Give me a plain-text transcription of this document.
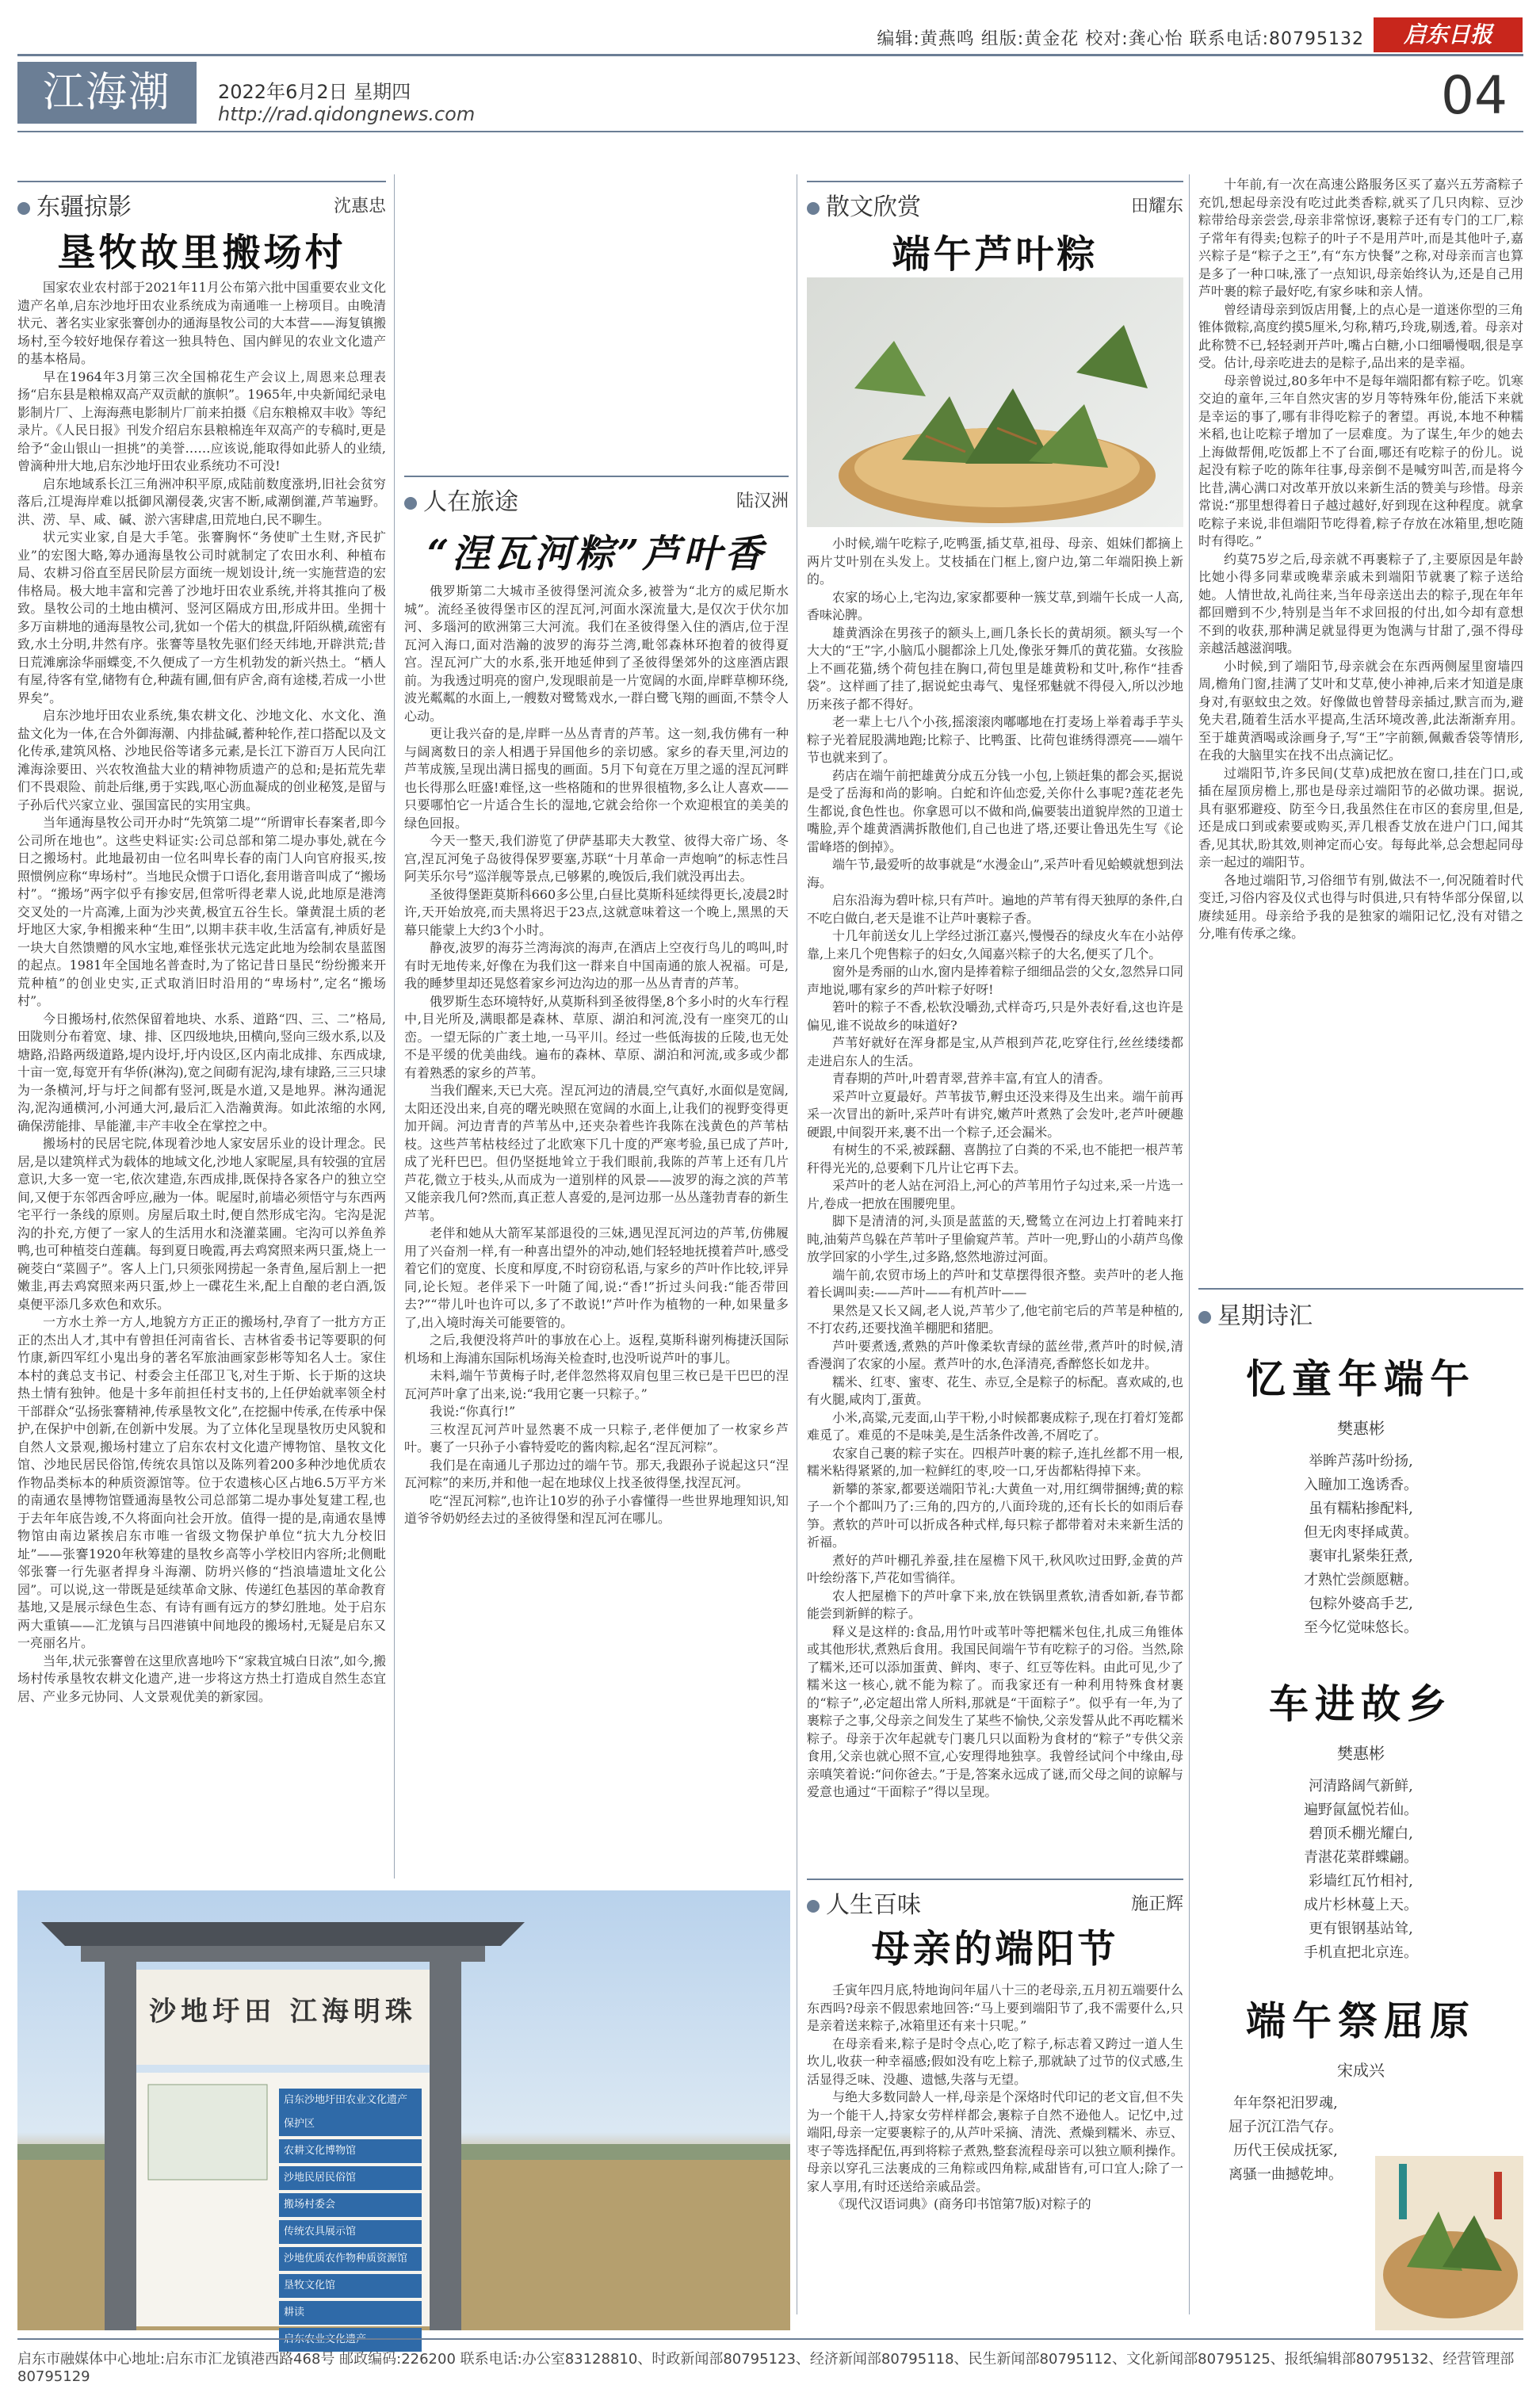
编辑:黄燕鸣 组版:黄金花 校对:龚心怡 联系电话:80795132	启东日报
江海潮	2022年6月2日 星期四
http://rad.qidongnews.com	04
东疆掠影	沈惠忠
垦牧故里搬场村

国家农业农村部于2021年11月公布第六批中国重要农业文化遗产名单,启东沙地圩田农业系统成为南通唯一上榜项目。由晚清状元、著名实业家张謇创办的通海垦牧公司的大本营——海复镇搬场村,至今较好地保存着这一独具特色、国内鲜见的农业文化遗产的基本格局。

早在1964年3月第三次全国棉花生产会议上,周恩来总理表扬“启东县是粮棉双高产双贡献的旗帜”。1965年,中央新闻纪录电影制片厂、上海海燕电影制片厂前来拍摄《启东粮棉双丰收》等纪录片。《人民日报》刊发介绍启东县粮棉连年双高产的专稿时,更是给予“金山银山一担挑”的美誉……应该说,能取得如此骄人的业绩,曾滴种卅大地,启东沙地圩田农业系统功不可没!

启东地域系长江三角洲冲积平原,成陆前数度涨坍,旧社会贫穷落后,江堤海岸难以抵御风潮侵袭,灾害不断,咸潮倒灌,芦苇遍野。洪、涝、旱、咸、碱、淤六害肆虐,田荒地白,民不聊生。

状元实业家,自是大手笔。张謇胸怀“务使旷土生财,齐民扩业”的宏图大略,筹办通海垦牧公司时就制定了农田水利、种植布局、农耕习俗直至居民阶层方面统一规划设计,统一实施营造的宏伟格局。极大地丰富和完善了沙地圩田农业系统,并将其推向了极致。垦牧公司的土地由横河、竖河区隔成方田,形成井田。坐拥十多万亩耕地的通海垦牧公司,犹如一个偌大的棋盘,阡陌纵横,疏密有致,水土分明,井然有序。张謇等垦牧先驱们经天纬地,开辟洪荒;昔日荒滩廓涂华丽蝶变,不久便成了一方生机勃发的新兴热土。“栖人有屋,待客有堂,储物有仓,种蔬有圃,佃有庐舍,商有途楼,若成一小世界矣”。

启东沙地圩田农业系统,集农耕文化、沙地文化、水文化、渔盐文化为一体,在合外御海潮、内排盐碱,蓄种轮作,茬口搭配以及文化传承,建筑风格、沙地民俗等诸多元素,是长江下游百万人民向江滩海涂要田、兴农牧渔盐大业的精神物质遗产的总和;是拓荒先辈们不畏艰险、前赴后继,勇于实践,呕心沥血凝成的创业秘笈,是留与子孙后代兴家立业、强国富民的实用宝典。

当年通海垦牧公司开办时“先筑第二堤”“所谓审长春案者,即今公司所在地也”。这些史料证实:公司总部和第二堤办事处,就在今日之搬场村。此地最初由一位名叫卑长春的南门人向官府报买,按照惯例应称“卑场村”。当地民众惯于口语化,套用谐音叫成了“搬场村”。“搬场”两字似乎有掺安居,但常听得老辈人说,此地原是港湾交叉处的一片高滩,上面为沙夹黄,极宜五谷生长。肇黄混土质的老圩地区大家,争相搬来种“生田”,以期丰获丰收,生活富有,神质好是一块大自然馈赠的风水宝地,难怪张状元选定此地为绘制农垦蓝图的起点。1981年全国地名普查时,为了铭记昔日垦民“纷纷搬来开荒种植”的创业史实,正式取消旧时沿用的“卑场村”,定名“搬场村”。

今日搬场村,依然保留着地块、水系、道路“四、三、二”格局,田陇则分布着宽、埭、排、区四级地块,田横向,竖向三级水系,以及塘路,沿路两级道路,堤内设圩,圩内设区,区内南北成排、东西成埭,十亩一宽,每宽开有华侨(淋沟),宽之间砌有泥沟,埭有埭路,三三只埭为一条横河,圩与圩之间都有竖河,既是水道,又是地界。淋沟通泥沟,泥沟通横河,小河通大河,最后汇入浩瀚黄海。如此浓缩的水网,确保涝能排、旱能灌,丰产丰收全在掌控之中。

搬场村的民居宅院,体现着沙地人家安居乐业的设计理念。民居,是以建筑样式为载体的地域文化,沙地人家昵屋,具有较强的宜居意识,大多一宽一宅,依次建造,东西成排,既保持各家各户的独立空间,又便于东邻西舍呼应,融为一体。昵屋时,前墙必须悟守与东西两宅平行一条线的原则。房屋后取土时,便自然形成宅沟。宅沟是泥沟的扑充,方便了一家人的生活用水和浇灌菜圃。宅沟可以养鱼养鸭,也可种植茭白莲藕。每到夏日晚霞,再去鸡窝照来两只蛋,烧上一碗茭白“菜圆子”。客人上门,只须张网捞起一条青鱼,屋后割上一把嫩韭,再去鸡窝照来两只蛋,炒上一碟花生米,配上自酿的老白酒,饭桌便平添几多欢色和欢乐。

一方水土养一方人,地貌方方正正的搬场村,孕育了一批方方正正的杰出人才,其中有曾担任河南省长、吉林省委书记等要职的何竹康,新四军红小鬼出身的著名军旅油画家彭彬等知名人士。家住本村的龚总支书记、村委会主任邵卫飞,对生于斯、长于斯的这块热土情有独钟。他是十多年前担任村支书的,上任伊始就率领全村干部群众“弘扬张謇精神,传承垦牧文化”,在挖掘中传承,在传承中保护,在保护中创新,在创新中发展。为了立体化呈现垦牧历史风貌和自然人文景观,搬场村建立了启东农村文化遗产博物馆、垦牧文化馆、沙地民居民俗馆,传统农具馆以及陈列着200多种沙地优质农作物品类标本的种质资源馆等。位于农遗核心区占地6.5万平方米的南通农垦博物馆暨通海垦牧公司总部第二堤办事处复建工程,也于去年年底告竣,不久将面向社会开放。值得一提的是,南通农垦博物馆由南边紧挨启东市唯一省级文物保护单位“抗大九分校旧址”——张謇1920年秋筹建的垦牧乡高等小学校旧内容所;北侧毗邻张謇一行先驱者捍身斗海潮、防坍兴修的“挡浪墙遗址文化公园”。可以说,这一带既是延续革命文脉、传递红色基因的革命教育基地,又是展示绿色生态、有诗有画有远方的梦幻胜地。处于启东两大重镇——汇龙镇与吕四港镇中间地段的搬场村,无疑是启东又一亮丽名片。

当年,状元张謇曾在这里欣喜地吟下“家栽宜城白日浓”,如今,搬场村传承垦牧农耕文化遗产,进一步将这方热土打造成自然生态宜居、产业多元协同、人文景观优美的新家园。

人在旅途	陆汉洲
“涅瓦河粽”芦叶香

俄罗斯第二大城市圣彼得堡河流众多,被誉为“北方的威尼斯水城”。流经圣彼得堡市区的涅瓦河,河面水深流量大,是仅次于伏尔加河、多瑙河的欧洲第三大河流。我们在圣彼得堡入住的酒店,位于涅瓦河入海口,面对浩瀚的波罗的海芬兰湾,毗邻森林环抱着的彼得夏宫。涅瓦河广大的水系,张开地延伸到了圣彼得堡郊外的这座酒店跟前。为我透过明亮的窗户,发现眼前是一片宽阔的水面,岸畔草柳环绕,波光粼粼的水面上,一艘数对鹭鸶戏水,一群白鹭飞翔的画面,不禁令人心动。

更让我兴奋的是,岸畔一丛丛青青的芦苇。这一刻,我仿佛有一种与阔离数日的亲人相遇于异国他乡的亲切感。家乡的春天里,河边的芦苇成簇,呈现出满日摇曳的画面。5月下旬竟在万里之遥的涅瓦河畔也长得那么旺盛!难怪,这一些格随和的世界很植物,多么让人喜欢——只要哪怕它一片适合生长的湿地,它就会给你一个欢迎根宜的美美的绿色回报。

今天一整天,我们游览了伊萨基耶夫大教堂、彼得大帝广场、冬宫,涅瓦河兔子岛彼得保罗要塞,苏联“十月革命一声炮响”的标志性吕阿芙乐尔号”巡洋舰等景点,已够累的,晚饭后,我们就没再出去。

圣彼得堡距莫斯科660多公里,白昼比莫斯科延续得更长,凌晨2时许,天开始放亮,而夫黑将迟于23点,这就意味着这一个晚上,黑黑的天幕只能蒙上大约3个小时。

静夜,波罗的海芬兰湾海滨的海声,在酒店上空夜行鸟儿的鸣叫,时有时无地传来,好像在为我们这一群来自中国南通的旅人祝福。可是,我的睡梦里却还晃悠着家乡河边沟边的那一丛丛青青的芦苇。

俄罗斯生态环境特好,从莫斯科到圣彼得堡,8个多小时的火车行程中,目光所及,满眼都是森林、草原、湖泊和河流,没有一座突兀的山峦。一望无际的广袤土地,一马平川。经过一些低海拔的丘陵,也无处不是平缓的优美曲线。遍布的森林、草原、湖泊和河流,或多或少都有着熟悉的家乡的芦苇。

当我们醒来,天已大亮。涅瓦河边的清晨,空气真好,水面似是宽阔,太阳还没出来,自亮的曙光映照在宽阔的水面上,让我们的视野变得更加开阔。河边青青的芦苇丛中,还夹杂着些许我陈在浅黄色的芦苇枯枝。这些芦苇枯枝经过了北欧寒下几十度的严寒考验,虽已成了芦叶,成了光秆巴巴。但仍坚挺地耸立于我们眼前,我陈的芦苇上还有几片芦花,微立于枝头,从而成为一道别样的风景——波罗的海之滨的芦苇又能亲我几何?然而,真正惹人喜爱的,是河边那一丛丛蓬勃青春的新生芦苇。

老伴和她从大箭军某部退役的三妹,遇见涅瓦河边的芦苇,仿佛履用了兴奋剂一样,有一种喜出望外的冲动,她们轻轻地抚摸着芦叶,感受着它们的宽度、长度和厚度,不时窃窃私语,与家乡的芦叶作比较,评异同,论长短。老伴采下一叶随了闻,说:“香!”折过头问我:“能否带回去?”“带儿叶也许可以,多了不敢说!”芦叶作为植物的一种,如果量多了,出入境时海关可能要管的。

之后,我便没将芦叶的事放在心上。返程,莫斯科谢列梅捷沃国际机场和上海浦东国际机场海关检查时,也没听说芦叶的事儿。

未料,端午节黄梅子时,老伴忽然将双肩包里三枚已是干巴巴的涅瓦河芦叶拿了出来,说:“我用它裹一只粽子。”

我说:“你真行!”

三枚涅瓦河芦叶显然裹不成一只粽子,老伴便加了一枚家乡芦叶。裹了一只孙子小睿特爱吃的酱肉粽,起名“涅瓦河粽”。

我们是在南通儿子那边过的端午节。那天,我跟孙子说起这只“涅瓦河粽”的来历,并和他一起在地球仪上找圣彼得堡,找涅瓦河。

吃“涅瓦河粽”,也许让10岁的孙子小睿懂得一些世界地理知识,知道爷爷奶奶经去过的圣彼得堡和涅瓦河在哪儿。

沙地圩田 江海明珠
启东沙地圩田农业文化遗产保护区
农耕文化博物馆
沙地民居民俗馆
搬场村委会
传统农具展示馆
沙地优质农作物种质资源馆
垦牧文化馆
耕读
散文欣赏	田耀东
端午芦叶粽

小时候,端午吃粽子,吃鸭蛋,插艾草,祖母、母亲、姐妹们都摘上两片艾叶别在头发上。艾枝插在门框上,窗户边,第二年端阳换上新的。

农家的场心上,宅沟边,家家都要种一簇艾草,到端午长成一人高,香味沁脾。

雄黄酒涂在男孩子的额头上,画几条长长的黄胡须。额头写一个大大的“王”字,小脑瓜小腿都涂上几处,像张牙舞爪的黄花猫。女孩脸上不画花猫,绣个荷包挂在胸口,荷包里是雄黄粉和艾叶,称作“挂香袋”。这样画了挂了,据说蛇虫毒气、鬼怪邪魅就不得侵入,所以沙地历来孩子都不得好。

老一辈上七八个小孩,摇滚滚肉嘟嘟地在打麦场上举着毒手芋头粽子光着屁股满地跑;比粽子、比鸭蛋、比荷包谁绣得漂亮——端午节也就来到了。

药店在端午前把雄黄分成五分钱一小包,上锁赶集的都会买,据说是受了岳海和尚的影响。白蛇和许仙恋爱,关你什么事呢?莲花老先生都说,食色性也。你拿恩可以不做和尚,偏要装出道貌岸然的卫道士嘴脸,弄个雄黄酒满拆散他们,自己也进了塔,还要让鲁迅先生写《论雷峰塔的倒掉》。

端午节,最爱听的故事就是“水漫金山”,采芦叶看见蛤蟆就想到法海。

启东沿海为碧叶棕,只有芦叶。遍地的芦苇有得天独厚的条件,白不吃白做白,老天是谁不让芦叶裹粽子香。

十几年前送女儿上学经过浙江嘉兴,慢慢吞的绿皮火车在小站停靠,上来几个兜售粽子的妇女,久闻嘉兴粽子的大名,便买了几个。

窗外是秀丽的山水,窗内是捧着粽子细细品尝的父女,忽然异口同声地说,哪有家乡的芦叶粽子好呀!

箬叶的粽子不香,松软没嚼劲,式样奇巧,只是外表好看,这也许是偏见,谁不说故乡的味道好?

芦苇好就好在浑身都是宝,从芦根到芦花,吃穿住行,丝丝缕缕都走进启东人的生活。

青春期的芦叶,叶碧青翠,营养丰富,有宜人的清香。

采芦叶立夏最好。芦苇拔节,孵虫还没来得及生出来。端午前再采一次冒出的新叶,采芦叶有讲究,嫩芦叶煮熟了会发叶,老芦叶硬趣硬跟,中间裂开来,裹不出一个粽子,还会漏米。

有树生的不采,被踩翻、喜鹊拉了白粪的不采,也不能把一根芦苇秆得光光的,总要剩下几片让它再下去。

采芦叶的老人站在河沿上,河心的芦苇用竹子勾过来,采一片选一片,卷成一把放在围腰兜里。

脚下是清清的河,头顶是蓝蓝的天,鹭鸶立在河边上打着盹来打盹,油菊芦鸟躲在芦苇叶子里偷窥芦苇。芦叶一兜,野山的小葫芦鸟像放学回家的小学生,过多路,悠然地游过河面。

端午前,农贸市场上的芦叶和艾草摆得很齐整。卖芦叶的老人拖着长调叫卖:——芦叶——有机芦叶——

果然是又长又阔,老人说,芦苇少了,他宅前宅后的芦苇是种植的,不打农药,还要找渔羊棚肥和猪肥。

芦叶要煮透,煮熟的芦叶像柔软青绿的蓝丝带,煮芦叶的时候,清香漫润了农家的小屋。煮芦叶的水,色泽清亮,香醉悠长如龙井。

糯米、红枣、蜜枣、花生、赤豆,全是粽子的标配。喜欢咸的,也有火腿,咸肉丁,蛋黄。

小米,高粱,元麦面,山芋干粉,小时候都裹成粽子,现在打着灯笼都难觅了。难觅的不是味美,是生活条件改善,不屑吃了。

农家自己裹的粽子实在。四根芦叶裹的粽子,连扎丝都不用一根,糯米粘得紧紧的,加一粒鲜红的枣,咬一口,牙齿都粘得掉下来。

新攀的茶家,都要送端阳节礼:大黄鱼一对,用红绸带捆缚;黄的粽子一个个都叫乃了:三角的,四方的,八面玲珑的,还有长长的如雨后春笋。煮软的芦叶可以折成各种式样,每只粽子都带着对未来新生活的祈福。

煮好的芦叶棚孔养蚕,挂在屋檐下风干,秋风吹过田野,金黄的芦叶绘纷落下,芦花如雪徜徉。

农人把屋檐下的芦叶拿下来,放在铁锅里煮软,清香如新,春节都能尝到新鲜的粽子。

释义是这样的:食品,用竹叶或苇叶等把糯米包住,扎成三角锥体或其他形状,煮熟后食用。我国民间端午节有吃粽子的习俗。当然,除了糯米,还可以添加蛋黄、鲜肉、枣子、红豆等佐料。由此可见,少了糯米这一核心,就不能为粽了。而我家还有一种利用特殊食材裹的“粽子”,必定超出常人所料,那就是“干面粽子”。似乎有一年,为了裹粽子之事,父母亲之间发生了某些不愉快,父亲发誓从此不再吃糯米粽子。母亲于次年起就专门裹几只以面粉为食材的“粽子”专供父亲食用,父亲也就心照不宣,心安理得地独享。我曾经试问个中缘由,母亲嗔笑着说:“问你爸去。”于是,答案永远成了谜,而父母之间的谅解与爱意也通过“干面粽子”得以呈现。

人生百味	施正辉
母亲的端阳节

壬寅年四月底,特地询问年届八十三的老母亲,五月初五端要什么东西吗?母亲不假思索地回答:“马上要到端阳节了,我不需要什么,只是亲着送来粽子,冰箱里还有来十只呢。”

在母亲看来,粽子是时令点心,吃了粽子,标志着又跨过一道人生坎儿,收获一种幸福感;假如没有吃上粽子,那就缺了过节的仪式感,生活显得乏味、没趣、遗憾,失落与无望。

与绝大多数同龄人一样,母亲是个深烙时代印记的老文盲,但不失为一个能干人,持家女劳样样都会,裹粽子自然不逊他人。记忆中,过端阳,母亲一定要裹粽子的,从芦叶采摘、清洗、煮燥到糯米、赤豆、枣子等选择配伍,再到将粽子煮熟,整套流程母亲可以独立顺利操作。母亲以穿孔三法裹成的三角粽或四角粽,咸甜皆有,可口宜人;除了一家人享用,有时还送给亲戚品尝。

《现代汉语词典》(商务印书馆第7版)对粽子的

十年前,有一次在高速公路服务区买了嘉兴五芳斋粽子充饥,想起母亲没有吃过此类香粽,就买了几只肉粽、豆沙粽带给母亲尝尝,母亲非常惊讶,裹粽子还有专门的工厂,粽子常年有得卖;包粽子的叶子不是用芦叶,而是其他叶子,嘉兴粽子是“粽子之王”,有“东方快餐”之称,对母亲而言也算是多了一种口味,涨了一点知识,母亲始终认为,还是自己用芦叶裹的粽子最好吃,有家乡味和亲人情。

曾经请母亲到饭店用餐,上的点心是一道迷你型的三角锥体微粽,高度约摸5厘米,匀称,精巧,玲珑,剔透,着。母亲对此称赞不已,轻轻剥开芦叶,嘴占白糖,小口细嚼慢咽,很是享受。估计,母亲吃进去的是粽子,品出来的是幸福。

母亲曾说过,80多年中不是每年端阳都有粽子吃。饥寒交迫的童年,三年自然灾害的岁月等特殊年份,能活下来就是幸运的事了,哪有非得吃粽子的奢望。再说,本地不种糯米稻,也让吃粽子增加了一层难度。为了谋生,年少的她去上海做帮佣,吃饭都上不了台面,哪还有吃粽子的份儿。说起没有粽子吃的陈年往事,母亲倒不是喊穷叫苦,而是将今比昔,满心满口对改革开放以来新生活的赞美与珍惜。母亲常说:“那里想得着日子越过越好,好到现在这种程度。就拿吃粽子来说,非但端阳节吃得着,粽子存放在冰箱里,想吃随时有得吃。”

约莫75岁之后,母亲就不再裹粽子了,主要原因是年龄比她小得多同辈或晚辈亲戚未到端阳节就裹了粽子送给她。人情世故,礼尚往来,当年母亲送出去的粽子,现在年年都回赠到不少,特别是当年不求回报的付出,如今却有意想不到的收获,那种满足就显得更为饱满与甘甜了,强不得母亲越活越滋润哦。

小时候,到了端阳节,母亲就会在东西两侧屋里窗墙四周,檐角门窗,挂满了艾叶和艾草,使小神神,后来才知道是康身对,有驱蚊虫之效。好像做也曾替母亲插过,默言而为,避免夫君,随着生活水平提高,生活环境改善,此法渐渐弃用。至于雄黄酒喝或涂画身子,写“王”字前额,佩戴香袋等情形,在我的大脑里实在找不出点滴记忆。

过端阳节,许多民间(艾草)成把放在窗口,挂在门口,或插在屋顶房檐上,那也是母亲过端阳节的必做功课。据说,具有驱邪避疫、防至今日,我虽然住在市区的套房里,但是,还是成口到或索要或购买,弄几根香艾放在进户门口,闻其香,见其状,盼其效,则神定而心安。每每此举,总会想起同母亲一起过的端阳节。

各地过端阳节,习俗细节有别,做法不一,何况随着时代变迁,习俗内容及仪式也得与时俱进,只有特华部分保留,以赓续延用。母亲给予我的是独家的端阳记忆,没有对错之分,唯有传承之缘。

星期诗汇
忆童年端午
樊惠彬
举眸芦荡叶纷扬,
入瞳加工逸诱香。
虽有糯粘掺配料,
但无肉枣择咸黄。
裹审扎紧柴狂煮,
才熟忙尝颜愿糖。
包粽外婆高手艺,
至今忆觉味悠长。
车进故乡
樊惠彬
河清路阔气新鲜,
遍野氤氲悦若仙。
碧顶禾棚光耀白,
青湛花菜群蝶翩。
彩墙红瓦竹相衬,
成片杉林蔓上天。
更有银钢基站耸,
手机直把北京连。
端午祭屈原
宋成兴
年年祭祀汨罗魂,
屈子沉江浩气存。
历代王侯成抚冢,
离骚一曲撼乾坤。
启东市融媒体中心地址:启东市汇龙镇港西路468号 邮政编码:226200 联系电话:办公室83128810、时政新闻部80795123、经济新闻部80795118、民生新闻部80795112、文化新闻部80795125、报纸编辑部80795132、经营管理部80795129
